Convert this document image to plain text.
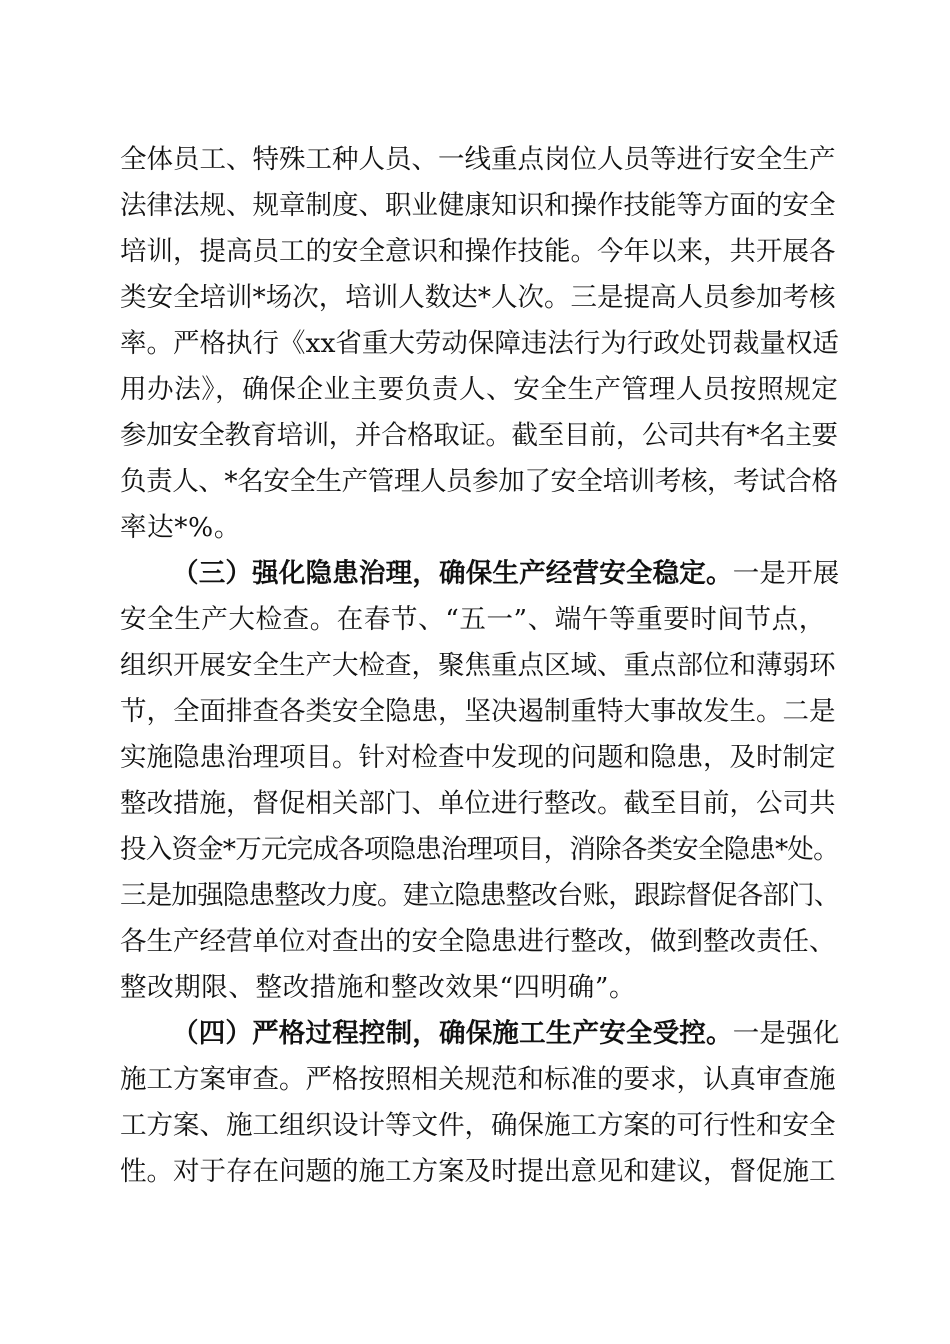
全体员工、特殊工种人员、一线重点岗位人员等进行安全生产
法律法规、规章制度、职业健康知识和操作技能等方面的安全
培训，提高员工的安全意识和操作技能。今年以来，共开展各
类安全培训*场次，培训人数达*人次。三是提高人员参加考核
率。严格执行《xx省重大劳动保障违法行为行政处罚裁量权适
用办法》，确保企业主要负责人、安全生产管理人员按照规定
参加安全教育培训，并合格取证。截至目前，公司共有*名主要
负责人、*名安全生产管理人员参加了安全培训考核，考试合格
率达*%。
（三）强化隐患治理，确保生产经营安全稳定。一是开展
安全生产大检查。在春节、“五一”、端午等重要时间节点，
组织开展安全生产大检查，聚焦重点区域、重点部位和薄弱环
节，全面排查各类安全隐患，坚决遏制重特大事故发生。二是
实施隐患治理项目。针对检查中发现的问题和隐患，及时制定
整改措施，督促相关部门、单位进行整改。截至目前，公司共
投入资金*万元完成各项隐患治理项目，消除各类安全隐患*处。
三是加强隐患整改力度。建立隐患整改台账，跟踪督促各部门、
各生产经营单位对查出的安全隐患进行整改，做到整改责任、
整改期限、整改措施和整改效果“四明确”。
（四）严格过程控制，确保施工生产安全受控。一是强化
施工方案审查。严格按照相关规范和标准的要求，认真审查施
工方案、施工组织设计等文件，确保施工方案的可行性和安全
性。对于存在问题的施工方案及时提出意见和建议，督促施工
